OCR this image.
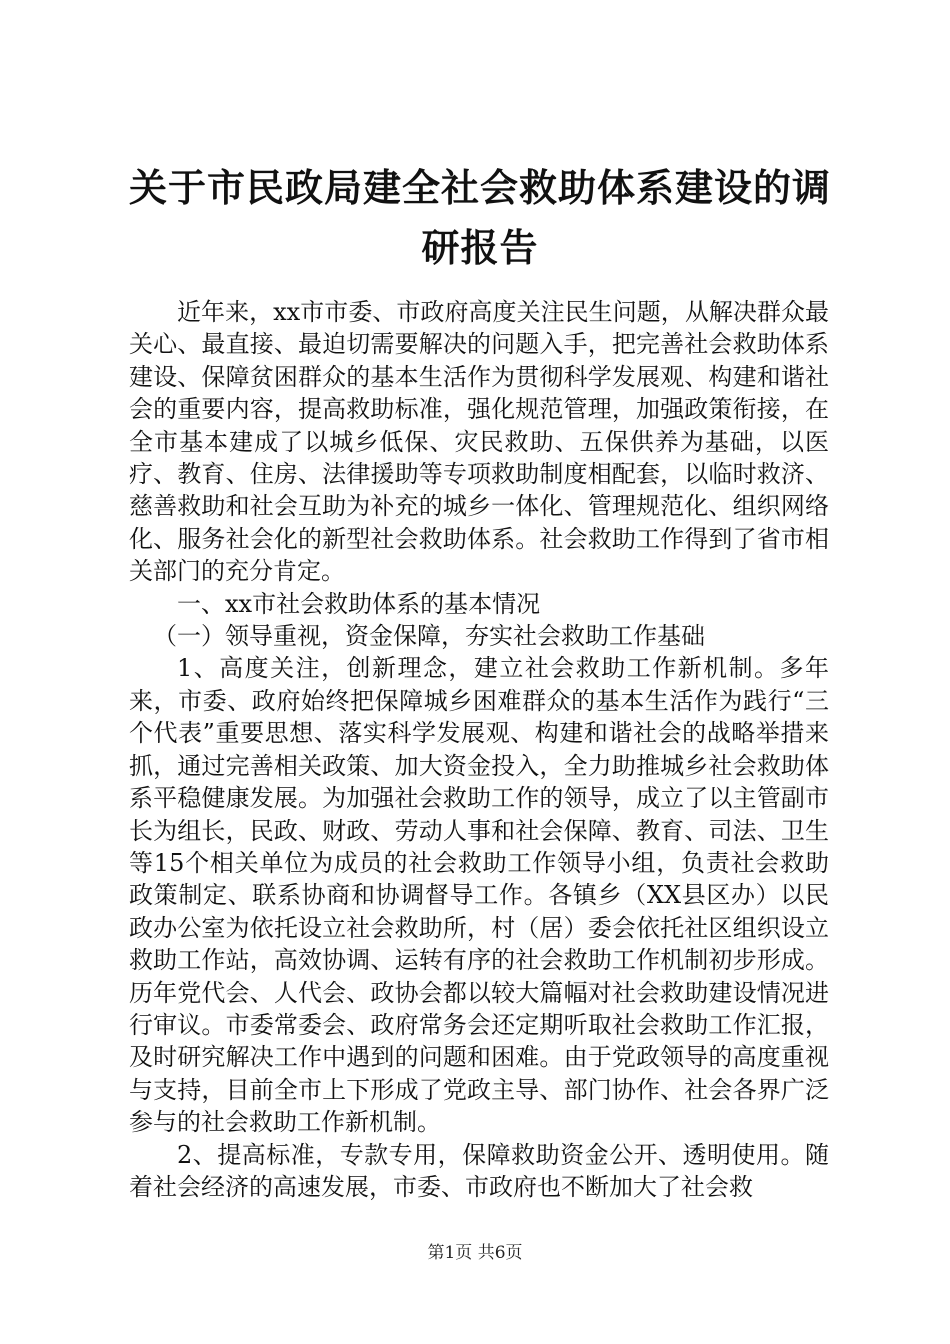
关于市民政局建全社会救助体系建设的调研报告

近年来，xx市市委、市政府高度关注民生问题，从解决群众最关心、最直接、最迫切需要解决的问题入手，把完善社会救助体系建设、保障贫困群众的基本生活作为贯彻科学发展观、构建和谐社会的重要内容，提高救助标准，强化规范管理，加强政策衔接，在全市基本建成了以城乡低保、灾民救助、五保供养为基础，以医疗、教育、住房、法律援助等专项救助制度相配套，以临时救济、慈善救助和社会互助为补充的城乡一体化、管理规范化、组织网络化、服务社会化的新型社会救助体系。社会救助工作得到了省市相关部门的充分肯定。

一、xx市社会救助体系的基本情况

（一）领导重视，资金保障，夯实社会救助工作基础

1、高度关注，创新理念，建立社会救助工作新机制。多年来，市委、政府始终把保障城乡困难群众的基本生活作为践行“三个代表”重要思想、落实科学发展观、构建和谐社会的战略举措来抓，通过完善相关政策、加大资金投入，全力助推城乡社会救助体系平稳健康发展。为加强社会救助工作的领导，成立了以主管副市长为组长，民政、财政、劳动人事和社会保障、教育、司法、卫生等15个相关单位为成员的社会救助工作领导小组，负责社会救助政策制定、联系协商和协调督导工作。各镇乡（XX县区办）以民政办公室为依托设立社会救助所，村（居）委会依托社区组织设立救助工作站，高效协调、运转有序的社会救助工作机制初步形成。历年党代会、人代会、政协会都以较大篇幅对社会救助建设情况进行审议。市委常委会、政府常务会还定期听取社会救助工作汇报，及时研究解决工作中遇到的问题和困难。由于党政领导的高度重视与支持，目前全市上下形成了党政主导、部门协作、社会各界广泛参与的社会救助工作新机制。

2、提高标准，专款专用，保障救助资金公开、透明使用。随着社会经济的高速发展，市委、市政府也不断加大了社会救

第1页 共6页
